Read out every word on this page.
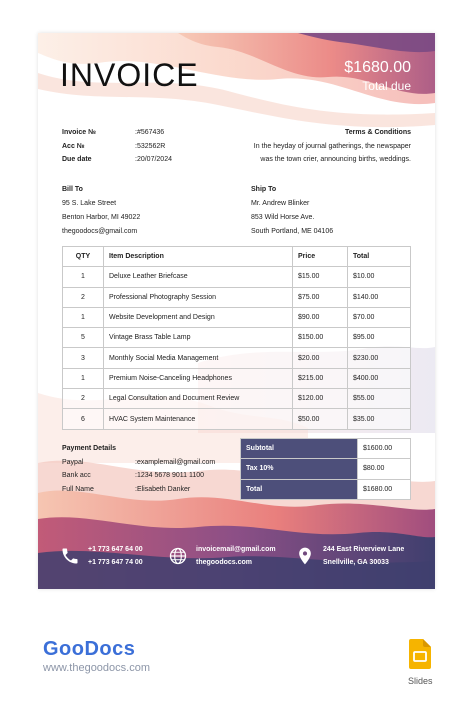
INVOICE	$1680.00
Total due
Invoice №	:#567436
Acc №	:532562R
Due date	:20/07/2024
Terms & Conditions
In the heyday of journal gatherings, the newspaper
was the town crier, announcing births, weddings.
Bill To
95 S. Lake Street
Benton Harbor, MI 49022
thegoodocs@gmail.com
Ship To
Mr. Andrew Blinker
853 Wild Horse Ave.
South Portland, ME 04106
QTY	Item Description	Price	Total
1	Deluxe Leather Briefcase	$15.00	$10.00
2	Professional Photography Session	$75.00	$140.00
1	Website Development and Design	$90.00	$70.00
5	Vintage Brass Table Lamp	$150.00	$95.00
3	Monthly Social Media Management	$20.00	$230.00
1	Premium Noise-Canceling Headphones	$215.00	$400.00
2	Legal Consultation and Document Review	$120.00	$55.00
6	HVAC System Maintenance	$50.00	$35.00
Payment Details
Paypal	:examplemail@gmail.com
Bank acc	:1234 5678 9011 1100
Full Name	:Elisabeth Danker
Subtotal	$1600.00
Tax 10%	$80.00
Total	$1680.00
+1 773 647 64 00
+1 773 647 74 00
invoicemail@gmail.com
thegoodocs.com
244 East Riverview Lane
Snellville, GA 30033
GooDocs
www.thegoodocs.com
Slides
